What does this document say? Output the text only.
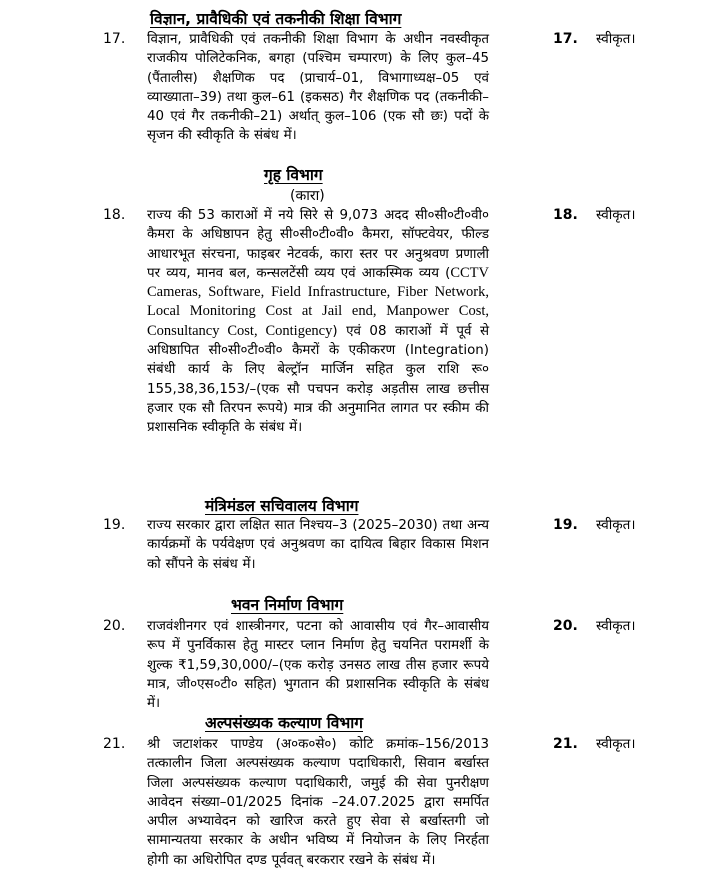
विज्ञान, प्रावैधिकी एवं तकनीकी शिक्षा विभाग
17. विज्ञान, प्रावैधिकी एवं तकनीकी शिक्षा विभाग के अधीन नवस्वीकृत राजकीय पोलिटेकनिक, बगहा (पश्चिम चम्पारण) के लिए कुल–45 (पैंतालीस) शैक्षणिक पद (प्राचार्य–01, विभागाध्यक्ष–05 एवं व्याख्याता–39) तथा कुल–61 (इकसठ) गैर शैक्षणिक पद (तकनीकी–40 एवं गैर तकनीकी–21) अर्थात् कुल–106 (एक सौ छः) पदों के सृजन की स्वीकृति के संबंध में।
17. स्वीकृत।
गृह विभाग
(कारा)
18. राज्य की 53 काराओं में नये सिरे से 9,073 अदद सी०सी०टी०वी० कैमरा के अधिष्ठापन हेतु सी०सी०टी०वी० कैमरा, सॉफ्टवेयर, फील्ड आधारभूत संरचना, फाइबर नेटवर्क, कारा स्तर पर अनुश्रवण प्रणाली पर व्यय, मानव बल, कन्सलटेंसी व्यय एवं आकस्मिक व्यय (CCTV Cameras, Software, Field Infrastructure, Fiber Network, Local Monitoring Cost at Jail end, Manpower Cost, Consultancy Cost, Contigency) एवं 08 काराओं में पूर्व से अधिष्ठापित सी०सी०टी०वी० कैमरों के एकीकरण (Integration) संबंधी कार्य के लिए बेल्ट्रॉन मार्जिन सहित कुल राशि रू० 155,38,36,153/–(एक सौ पचपन करोड़ अड़तीस लाख छत्तीस हजार एक सौ तिरपन रूपये) मात्र की अनुमानित लागत पर स्कीम की प्रशासनिक स्वीकृति के संबंध में।
18. स्वीकृत।
मंत्रिमंडल सचिवालय विभाग
19. राज्य सरकार द्वारा लक्षित सात निश्चय–3 (2025–2030) तथा अन्य कार्यक्रमों के पर्यवेक्षण एवं अनुश्रवण का दायित्व बिहार विकास मिशन को सौंपने के संबंध में।
19. स्वीकृत।
भवन निर्माण विभाग
20. राजवंशीनगर एवं शास्त्रीनगर, पटना को आवासीय एवं गैर–आवासीय रूप में पुनर्विकास हेतु मास्टर प्लान निर्माण हेतु चयनित परामर्शी के शुल्क ₹1,59,30,000/–(एक करोड़ उनसठ लाख तीस हजार रूपये मात्र, जी०एस०टी० सहित) भुगतान की प्रशासनिक स्वीकृति के संबंध में।
20. स्वीकृत।
अल्पसंख्यक कल्याण विभाग
21. श्री जटाशंकर पाण्डेय (अ०क०से०) कोटि क्रमांक–156/2013 तत्कालीन जिला अल्पसंख्यक कल्याण पदाधिकारी, सिवान बर्खास्त जिला अल्पसंख्यक कल्याण पदाधिकारी, जमुई की सेवा पुनरीक्षण आवेदन संख्या–01/2025 दिनांक –24.07.2025 द्वारा समर्पित अपील अभ्यावेदन को खारिज करते हुए सेवा से बर्खास्तगी जो सामान्यतया सरकार के अधीन भविष्य में नियोजन के लिए निरर्हता होगी का अधिरोपित दण्ड पूर्ववत् बरकरार रखने के संबंध में।
21. स्वीकृत।
